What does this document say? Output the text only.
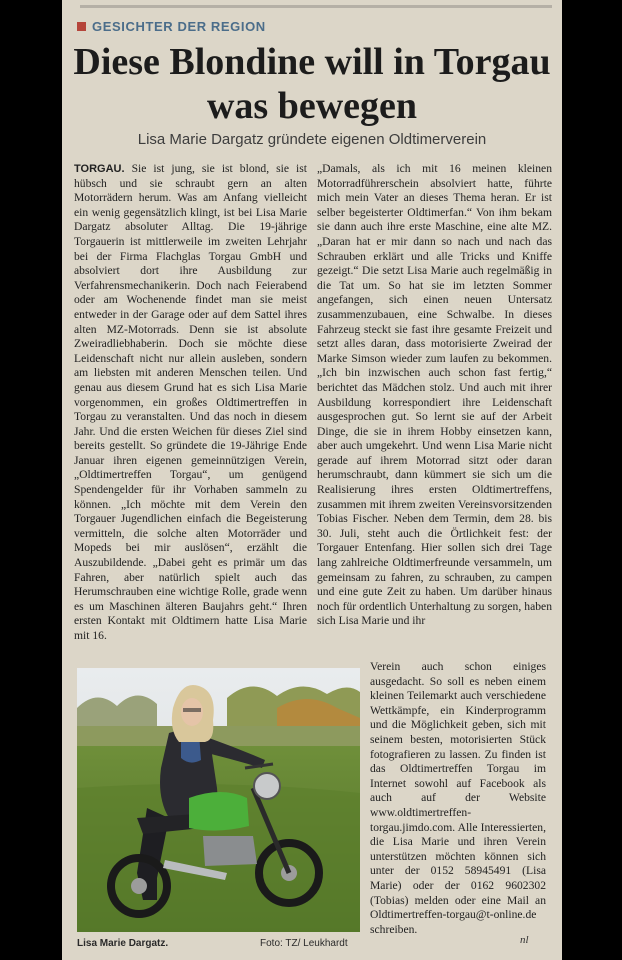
GESICHTER DER REGION
Diese Blondine will in Torgau was bewegen
Lisa Marie Dargatz gründete eigenen Oldtimerverein

TORGAU. Sie ist jung, sie ist blond, sie ist hübsch und sie schraubt gern an alten Motorrädern herum. Was am Anfang vielleicht ein wenig gegensätzlich klingt, ist bei Lisa Marie Dargatz absoluter Alltag. Die 19-jährige Torgauerin ist mittlerweile im zweiten Lehrjahr bei der Firma Flachglas Torgau GmbH und absolviert dort ihre Ausbildung zur Verfahrensmechanikerin. Doch nach Feierabend oder am Wochenende findet man sie meist entweder in der Garage oder auf dem Sattel ihres alten MZ-Motorrads. Denn sie ist absolute Zweiradliebhaberin. Doch sie möchte diese Leidenschaft nicht nur allein ausleben, sondern am liebsten mit anderen Menschen teilen. Und genau aus diesem Grund hat es sich Lisa Marie vorgenommen, ein großes Oldtimertreffen in Torgau zu veranstalten. Und das noch in diesem Jahr. Und die ersten Weichen für dieses Ziel sind bereits gestellt. So gründete die 19-Jährige Ende Januar ihren eigenen gemeinnützigen Verein, „Oldtimertreffen Torgau“, um genügend Spendengelder für ihr Vorhaben sammeln zu können. „Ich möchte mit dem Verein den Torgauer Jugendlichen einfach die Begeisterung vermitteln, die solche alten Motorräder und Mopeds bei mir auslösen“, erzählt die Auszubildende. „Dabei geht es primär um das Fahren, aber natürlich spielt auch das Herumschrauben eine wichtige Rolle, grade wenn es um Maschinen älteren Baujahrs geht.“ Ihren ersten Kontakt mit Oldtimern hatte Lisa Marie mit 16.

„Damals, als ich mit 16 meinen kleinen Motorradführerschein absolviert hatte, führte mich mein Vater an dieses Thema heran. Er ist selber begeisterter Oldtimerfan.“ Von ihm bekam sie dann auch ihre erste Maschine, eine alte MZ. „Daran hat er mir dann so nach und nach das Schrauben erklärt und alle Tricks und Kniffe gezeigt.“ Die setzt Lisa Marie auch regelmäßig in die Tat um. So hat sie im letzten Sommer angefangen, sich einen neuen Untersatz zusammenzubauen, eine Schwalbe. In dieses Fahrzeug steckt sie fast ihre gesamte Freizeit und setzt alles daran, dass motorisierte Zweirad der Marke Simson wieder zum laufen zu bekommen. „Ich bin inzwischen auch schon fast fertig,“ berichtet das Mädchen stolz. Und auch mit ihrer Ausbildung korrespondiert ihre Leidenschaft ausgesprochen gut. So lernt sie auf der Arbeit Dinge, die sie in ihrem Hobby einsetzen kann, aber auch umgekehrt. Und wenn Lisa Marie nicht gerade auf ihrem Motorrad sitzt oder daran herumschraubt, dann kümmert sie sich um die Realisierung ihres ersten Oldtimertreffens, zusammen mit ihrem zweiten Vereinsvorsitzenden Tobias Fischer. Neben dem Termin, dem 28. bis 30. Juli, steht auch die Örtlichkeit fest: der Torgauer Entenfang. Hier sollen sich drei Tage lang zahlreiche Oldtimerfreunde versammeln, um gemeinsam zu fahren, zu schrauben, zu campen und eine gute Zeit zu haben. Um darüber hinaus noch für ordentlich Unterhaltung zu sorgen, haben sich Lisa Marie und ihr

Verein auch schon einiges ausgedacht. So soll es neben einem kleinen Teilemarkt auch verschiedene Wettkämpfe, ein Kinderprogramm und die Möglichkeit geben, sich mit seinem besten, motorisierten Stück fotografieren zu lassen. Zu finden ist das Oldtimertreffen Torgau im Internet sowohl auf Facebook als auch auf der Website www.oldtimertreffen-torgau.jimdo.com. Alle Interessierten, die Lisa Marie und ihren Verein unterstützen möchten können sich unter der 0152 58945491 (Lisa Marie) oder der 0162 9602302 (Tobias) melden oder eine Mail an Oldtimertreffen-torgau@t-online.de schreiben.

Lisa Marie Dargatz.	Foto: TZ/ Leukhardt	nl
